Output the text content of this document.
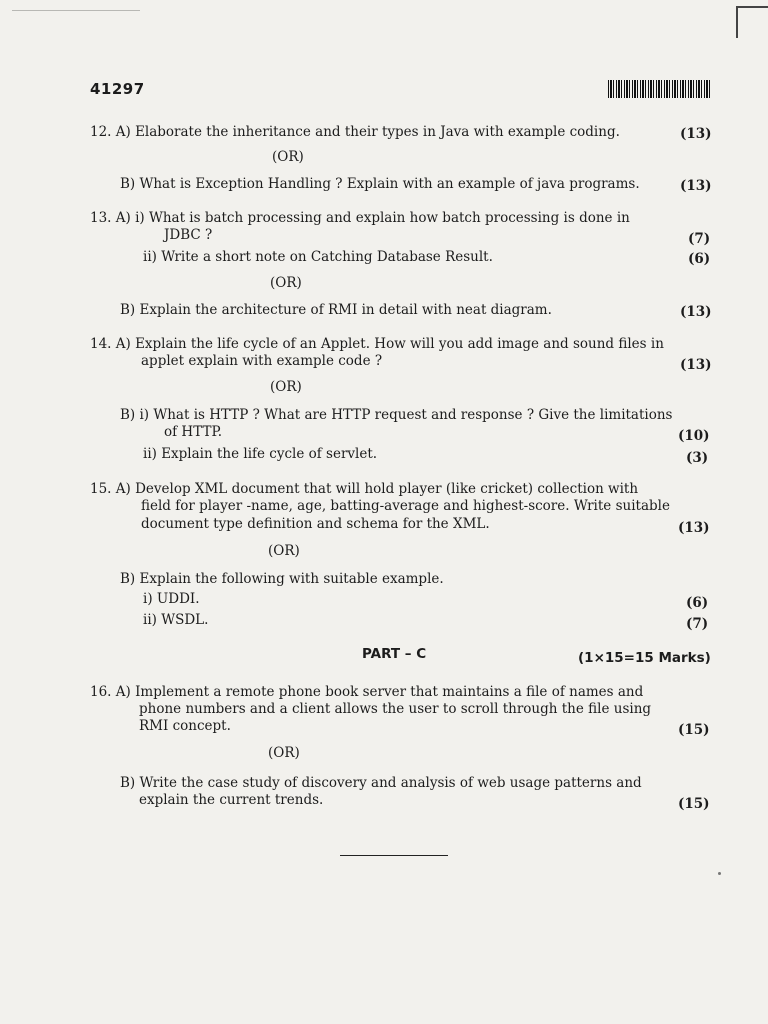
41297
12. A) Elaborate the inheritance and their types in Java with example coding.	(13)
(OR)
B) What is Exception Handling ? Explain with an example of java programs.	(13)
13. A) i) What is batch processing and explain how batch processing is done in
JDBC ?	(7)
ii) Write a short note on Catching Database Result.	(6)
(OR)
B) Explain the architecture of RMI in detail with neat diagram.	(13)
14. A) Explain the life cycle of an Applet. How will you add image and sound files in
applet explain with example code ?	(13)
(OR)
B) i) What is HTTP ? What are HTTP request and response ? Give the limitations
of HTTP.	(10)
ii) Explain the life cycle of servlet.	(3)
15. A) Develop XML document that will hold player (like cricket) collection with
field for player -name, age, batting-average and highest-score. Write suitable
document type definition and schema for the XML.	(13)
(OR)
B) Explain the following with suitable example.
i) UDDI.	(6)
ii) WSDL.	(7)
PART – C	(1×15=15 Marks)
16. A) Implement a remote phone book server that maintains a file of names and
phone numbers and a client allows the user to scroll through the file using
RMI concept.	(15)
(OR)
B) Write the case study of discovery and analysis of web usage patterns and
explain the current trends.	(15)
